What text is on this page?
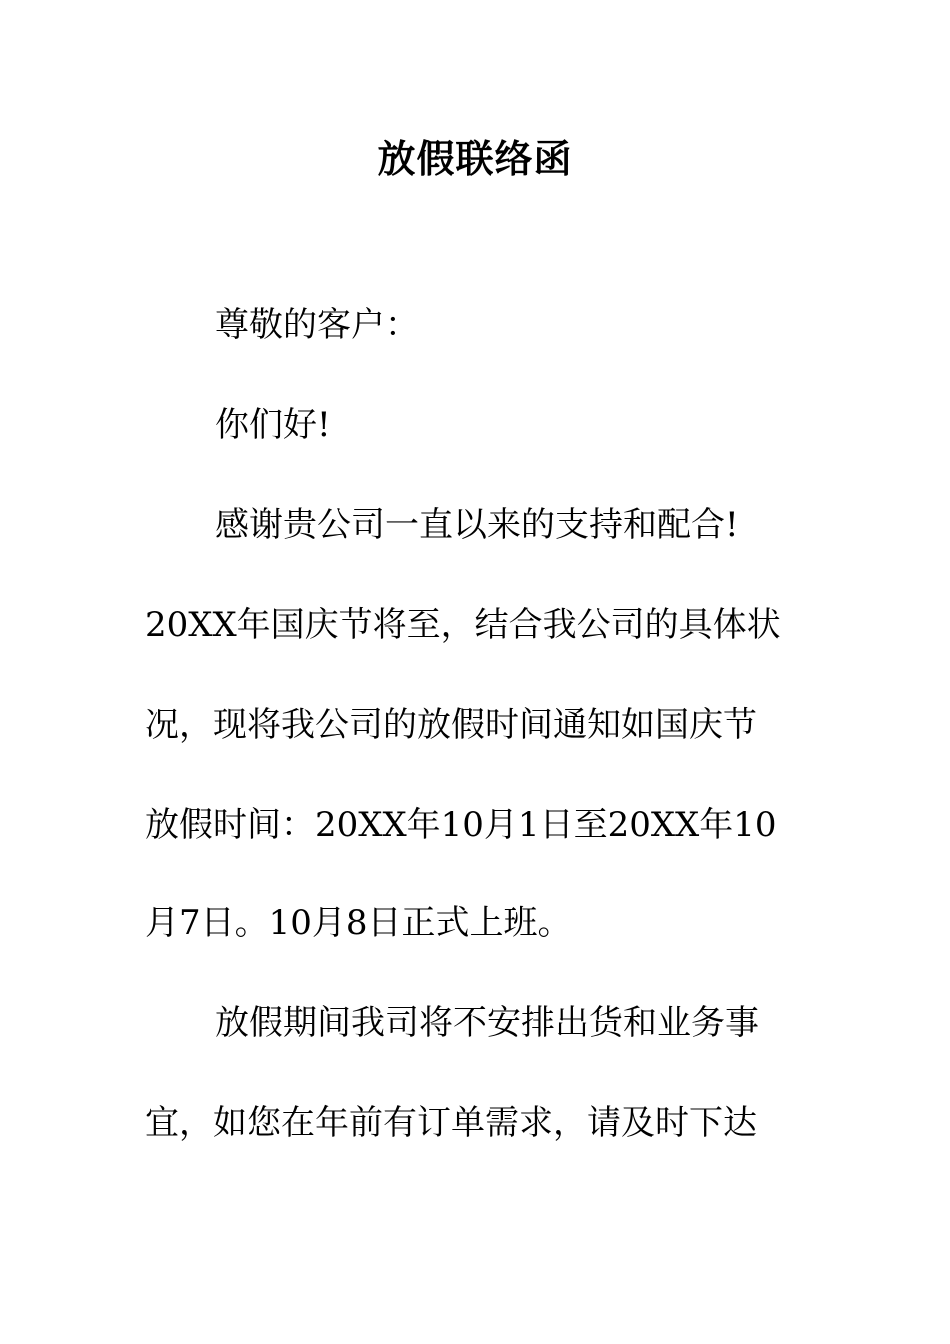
放假联络函
尊敬的客户：
你们好!
感谢贵公司一直以来的支持和配合!
20XX年国庆节将至，结合我公司的具体状
况，现将我公司的放假时间通知如国庆节
放假时间：20XX年10月1日至20XX年10
月7日。10月8日正式上班。
放假期间我司将不安排出货和业务事
宜，如您在年前有订单需求，请及时下达
